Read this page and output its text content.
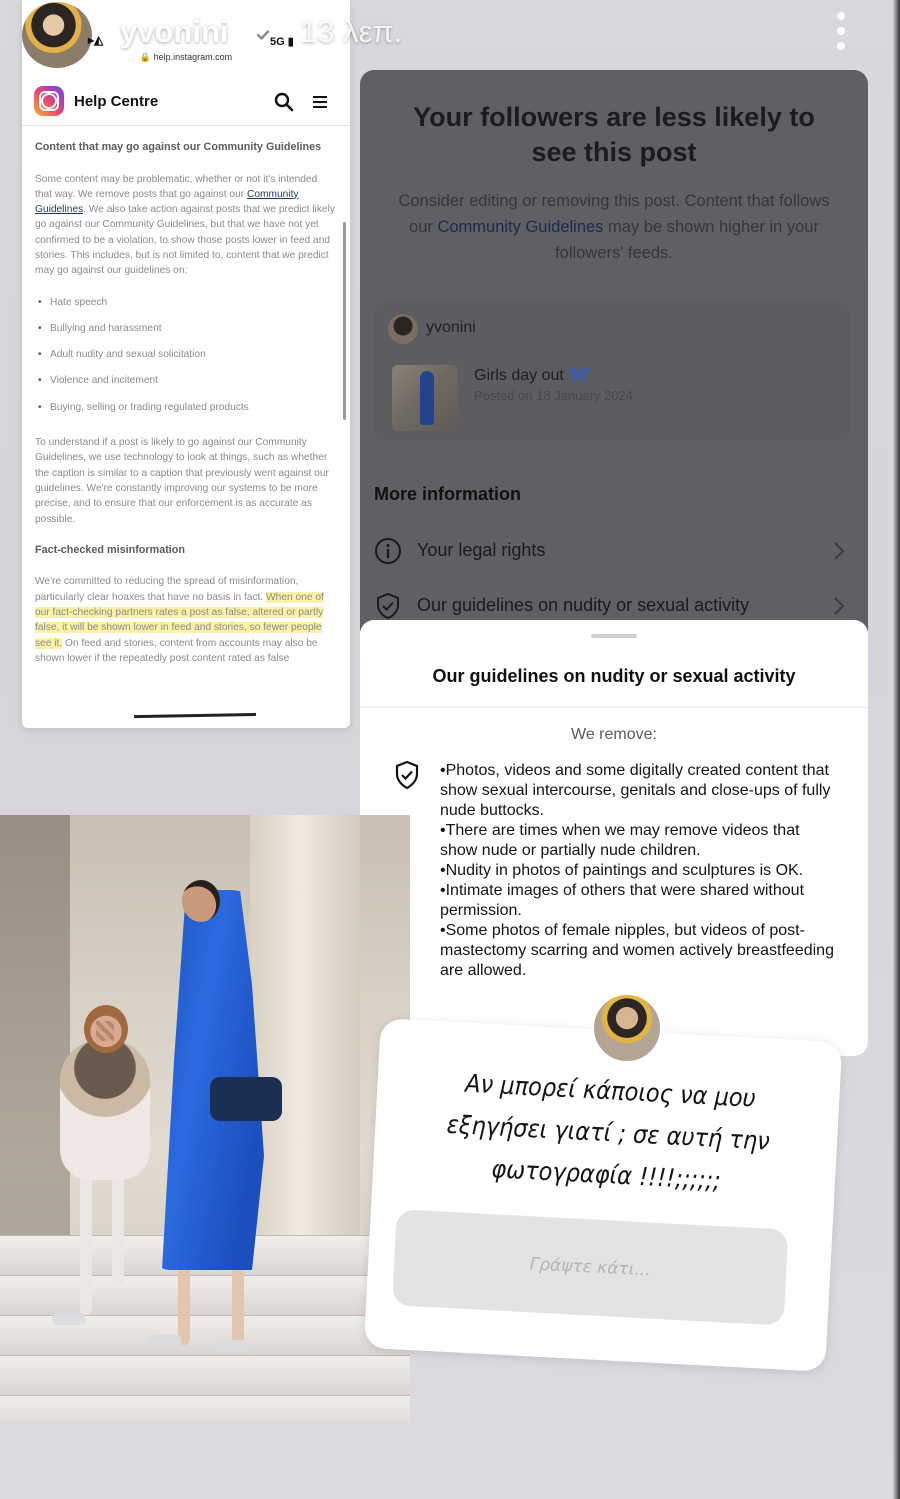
▸◭ yvonini	5G ▮ 13 λεπ.
🔒 help.instagram.com
Help Centre
Content that may go against our Community Guidelines

Some content may be problematic, whether or not it's intended that way. We remove posts that go against our Community Guidelines. We also take action against posts that we predict likely go against our Community Guidelines, but that we have not yet confirmed to be a violation, to show those posts lower in feed and stories. This includes, but is not limited to, content that we predict may go against our guidelines on:

• Hate speech
• Bullying and harassment
• Adult nudity and sexual solicitation
• Violence and incitement
• Buying, selling or trading regulated products

To understand if a post is likely to go against our Community Guidelines, we use technology to look at things, such as whether the caption is similar to a caption that previously went against our guidelines. We're constantly improving our systems to be more precise, and to ensure that our enforcement is as accurate as possible.

Fact-checked misinformation

We're committed to reducing the spread of misinformation, particularly clear hoaxes that have no basis in fact. When one of our fact-checking partners rates a post as false, altered or partly false, it will be shown lower in feed and stories, so fewer people see it. On feed and stories, content from accounts may also be shown lower if the repeatedly post content rated as false

Your followers are less likely to see this post
Consider editing or removing this post. Content that follows our Community Guidelines may be shown higher in your followers' feeds.
yvonini
Girls day out
Posted on 18 January 2024
More information
Your legal rights
Our guidelines on nudity or sexual activity
Our guidelines on nudity or sexual activity
We remove:
• Photos, videos and some digitally created content that show sexual intercourse, genitals and close-ups of fully nude buttocks.
• There are times when we may remove videos that show nude or partially nude children.
• Nudity in photos of paintings and sculptures is OK.
• Intimate images of others that were shared without permission.
• Some photos of female nipples, but videos of post-mastectomy scarring and women actively breastfeeding are allowed.
Αν μπορεί κάποιος να μου εξηγήσει γιατί ; σε αυτή την φωτογραφία !!!!;;;;;;
Γράψτε κάτι...
